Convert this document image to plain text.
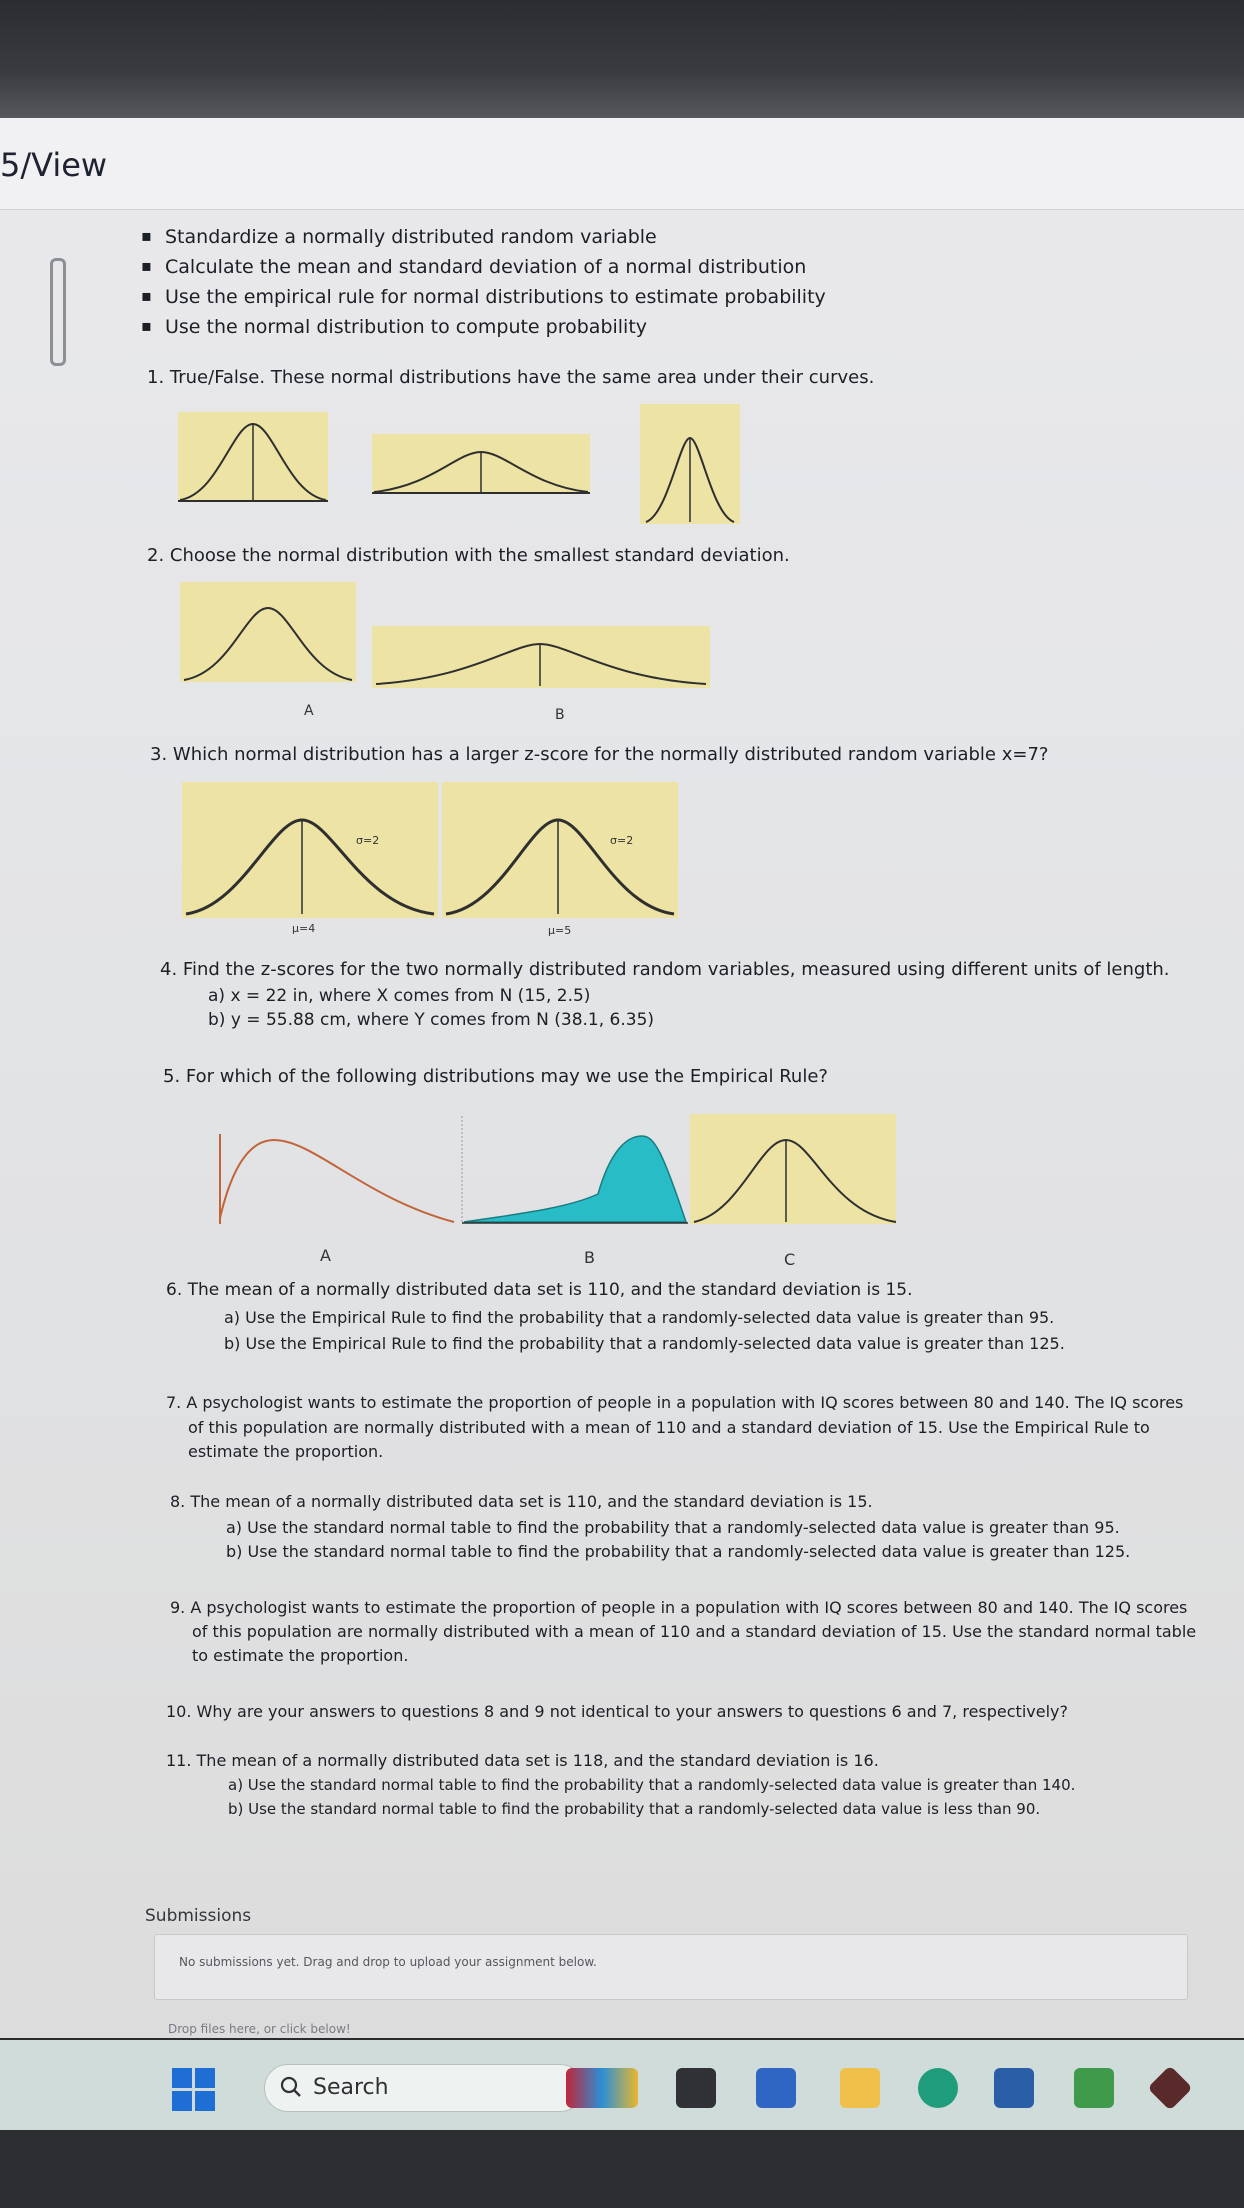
5/View
▪ Standardize a normally distributed random variable
▪ Calculate the mean and standard deviation of a normal distribution
▪ Use the empirical rule for normal distributions to estimate probability
▪ Use the normal distribution to compute probability
1. True/False. These normal distributions have the same area under their curves.
2. Choose the normal distribution with the smallest standard deviation.
A	B
3. Which normal distribution has a larger z-score for the normally distributed random variable x=7?
σ=2	σ=2
μ=4	μ=5
4. Find the z-scores for the two normally distributed random variables, measured using different units of length.
a) x = 22 in, where X comes from N (15, 2.5)
b) y = 55.88 cm, where Y comes from N (38.1, 6.35)
5. For which of the following distributions may we use the Empirical Rule?
A	B	C
6. The mean of a normally distributed data set is 110, and the standard deviation is 15.
a) Use the Empirical Rule to find the probability that a randomly-selected data value is greater than 95.
b) Use the Empirical Rule to find the probability that a randomly-selected data value is greater than 125.
7. A psychologist wants to estimate the proportion of people in a population with IQ scores between 80 and 140. The IQ scores
of this population are normally distributed with a mean of 110 and a standard deviation of 15. Use the Empirical Rule to
estimate the proportion.
8. The mean of a normally distributed data set is 110, and the standard deviation is 15.
a) Use the standard normal table to find the probability that a randomly-selected data value is greater than 95.
b) Use the standard normal table to find the probability that a randomly-selected data value is greater than 125.
9. A psychologist wants to estimate the proportion of people in a population with IQ scores between 80 and 140. The IQ scores
of this population are normally distributed with a mean of 110 and a standard deviation of 15. Use the standard normal table
to estimate the proportion.
10. Why are your answers to questions 8 and 9 not identical to your answers to questions 6 and 7, respectively?
11. The mean of a normally distributed data set is 118, and the standard deviation is 16.
a) Use the standard normal table to find the probability that a randomly-selected data value is greater than 140.
b) Use the standard normal table to find the probability that a randomly-selected data value is less than 90.
Submissions
No submissions yet. Drag and drop to upload your assignment below.
Drop files here, or click below!
Search
